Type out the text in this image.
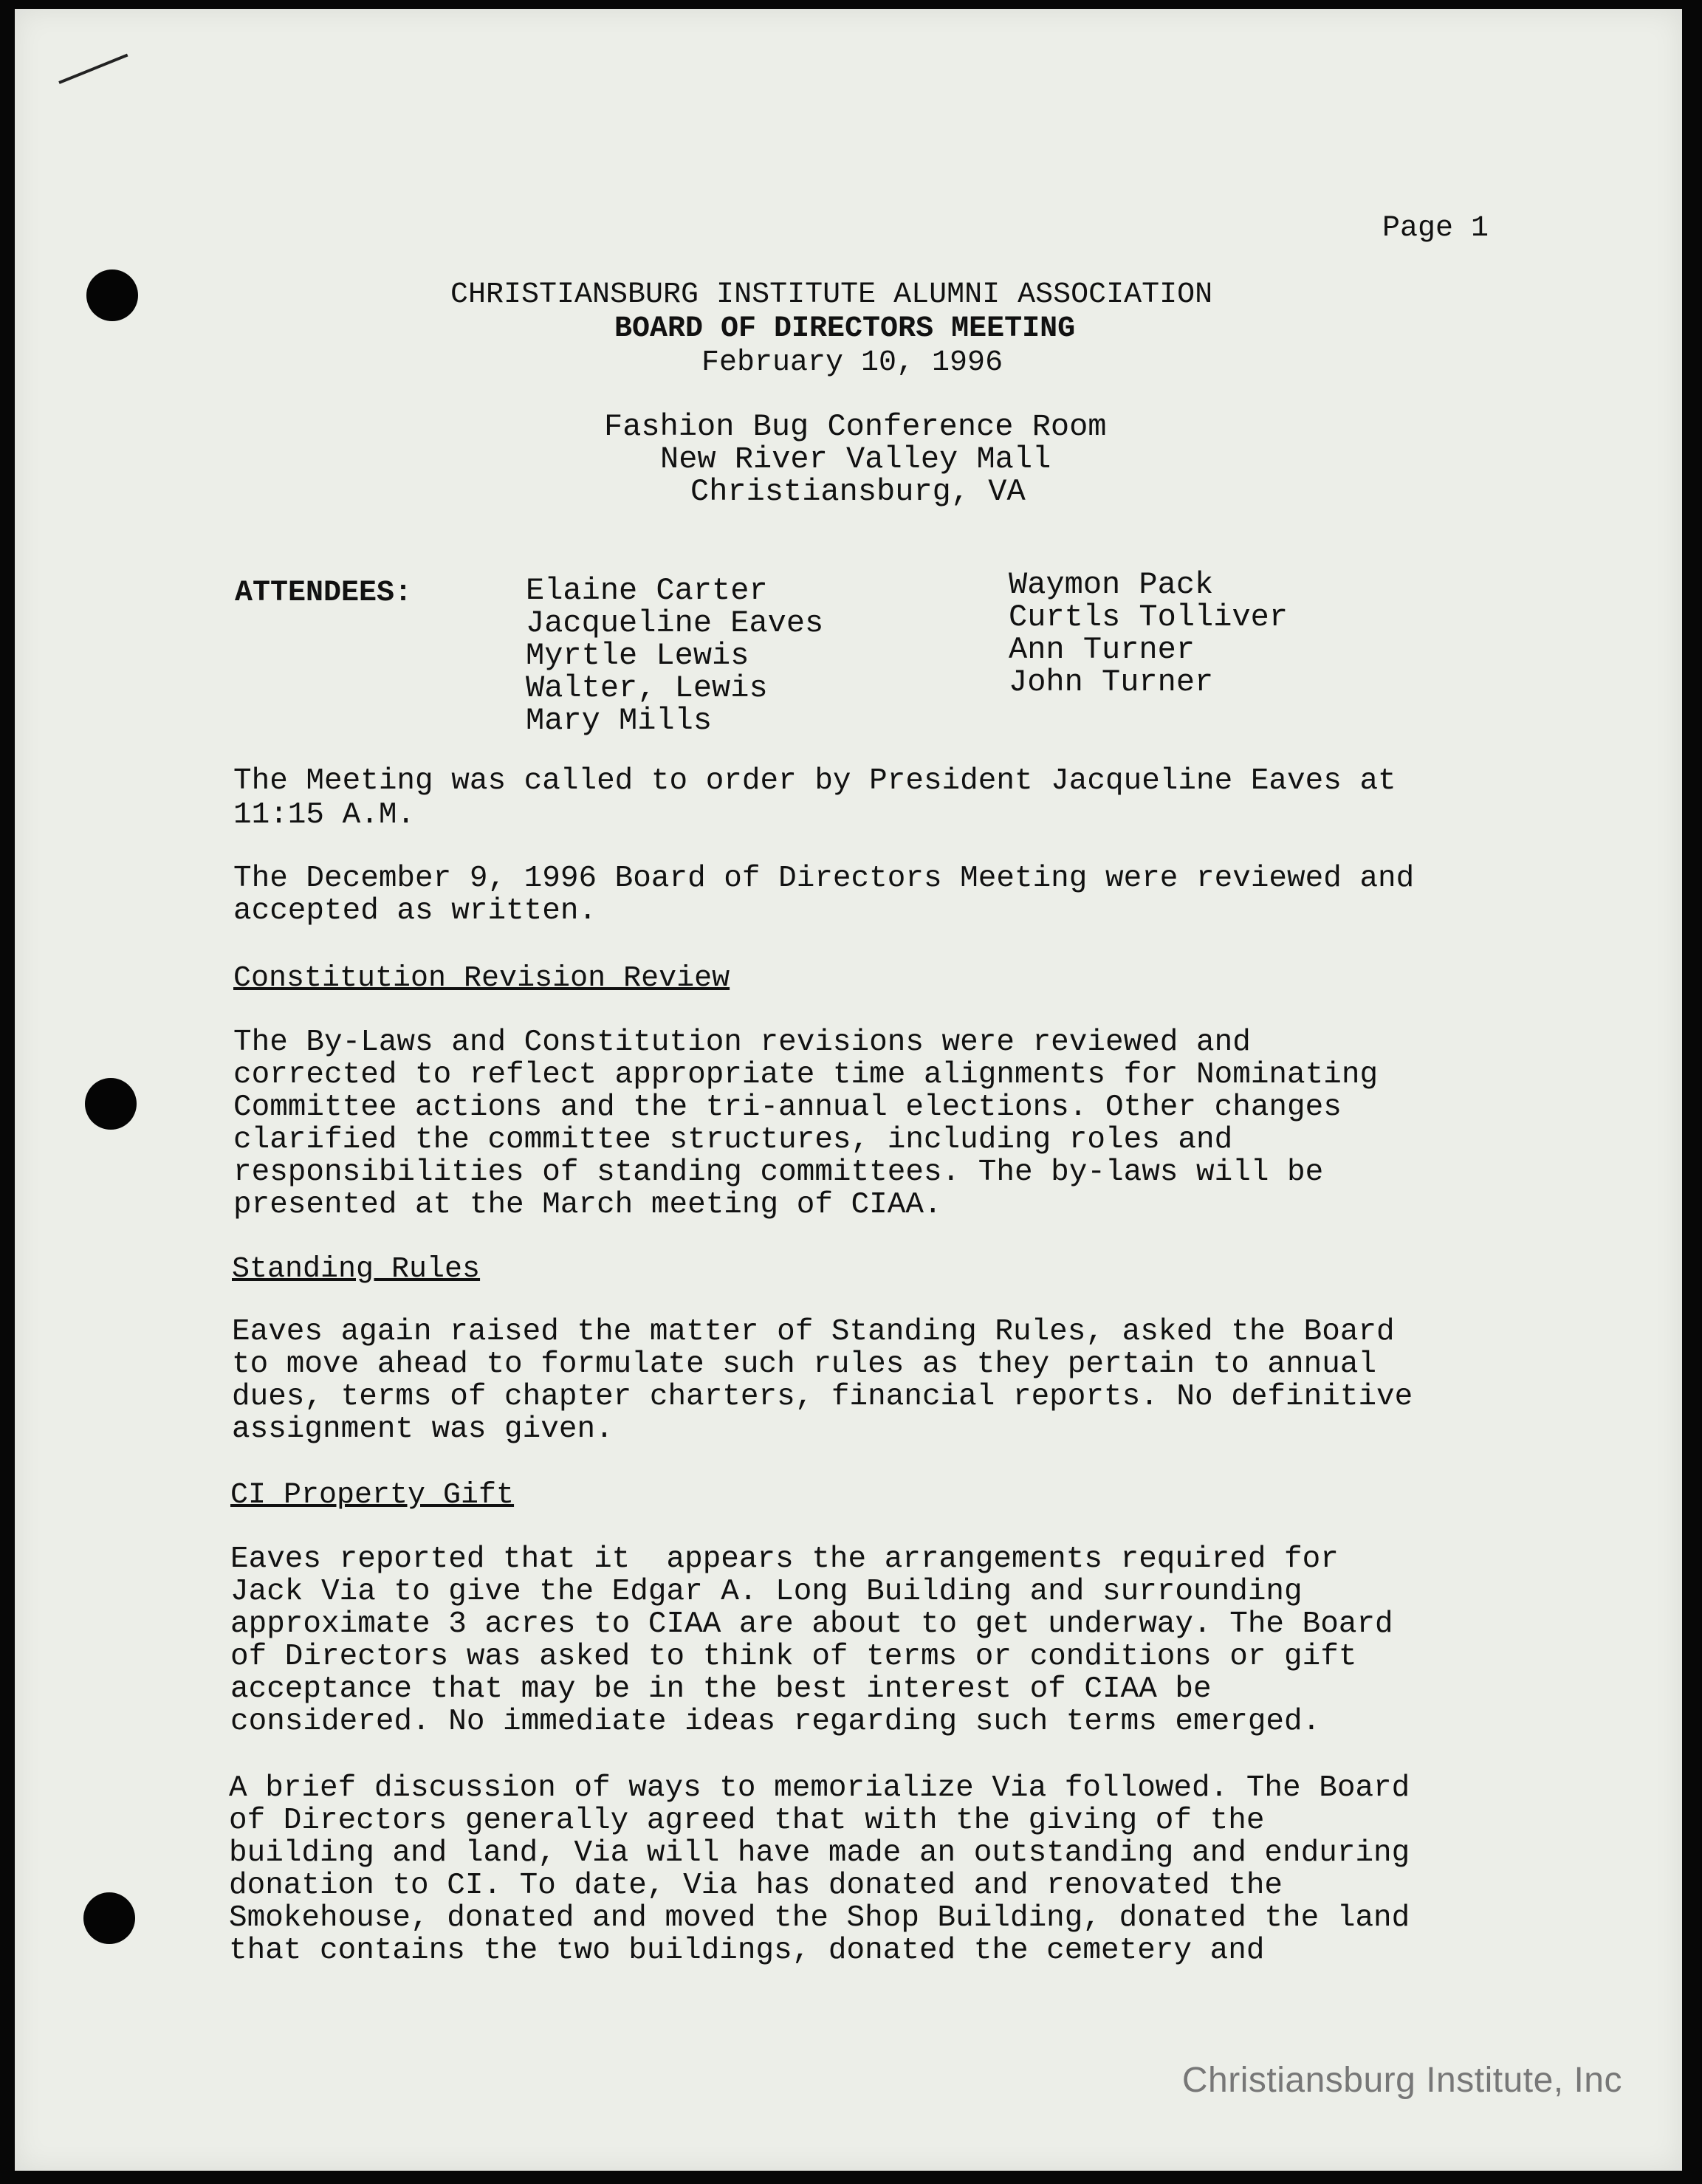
Page 1
CHRISTIANSBURG INSTITUTE ALUMNI ASSOCIATION
BOARD OF DIRECTORS MEETING
February 10, 1996
Fashion Bug Conference Room
New River Valley Mall
Christiansburg, VA
ATTENDEES:	Elaine Carter
Jacqueline Eaves
Myrtle Lewis
Walter, Lewis
Mary Mills
Waymon Pack
Curtls Tolliver
Ann Turner
John Turner
The Meeting was called to order by President Jacqueline Eaves at
11:15 A.M.
The December 9, 1996 Board of Directors Meeting were reviewed and
accepted as written.
Constitution Revision Review
The By-Laws and Constitution revisions were reviewed and
corrected to reflect appropriate time alignments for Nominating
Committee actions and the tri-annual elections. Other changes
clarified the committee structures, including roles and
responsibilities of standing committees. The by-laws will be
presented at the March meeting of CIAA.
Standing Rules
Eaves again raised the matter of Standing Rules, asked the Board
to move ahead to formulate such rules as they pertain to annual
dues, terms of chapter charters, financial reports. No definitive
assignment was given.
CI Property Gift
Eaves reported that it  appears the arrangements required for
Jack Via to give the Edgar A. Long Building and surrounding
approximate 3 acres to CIAA are about to get underway. The Board
of Directors was asked to think of terms or conditions or gift
acceptance that may be in the best interest of CIAA be
considered. No immediate ideas regarding such terms emerged.
A brief discussion of ways to memorialize Via followed. The Board
of Directors generally agreed that with the giving of the
building and land, Via will have made an outstanding and enduring
donation to CI. To date, Via has donated and renovated the
Smokehouse, donated and moved the Shop Building, donated the land
that contains the two buildings, donated the cemetery and
Christiansburg Institute, Inc
